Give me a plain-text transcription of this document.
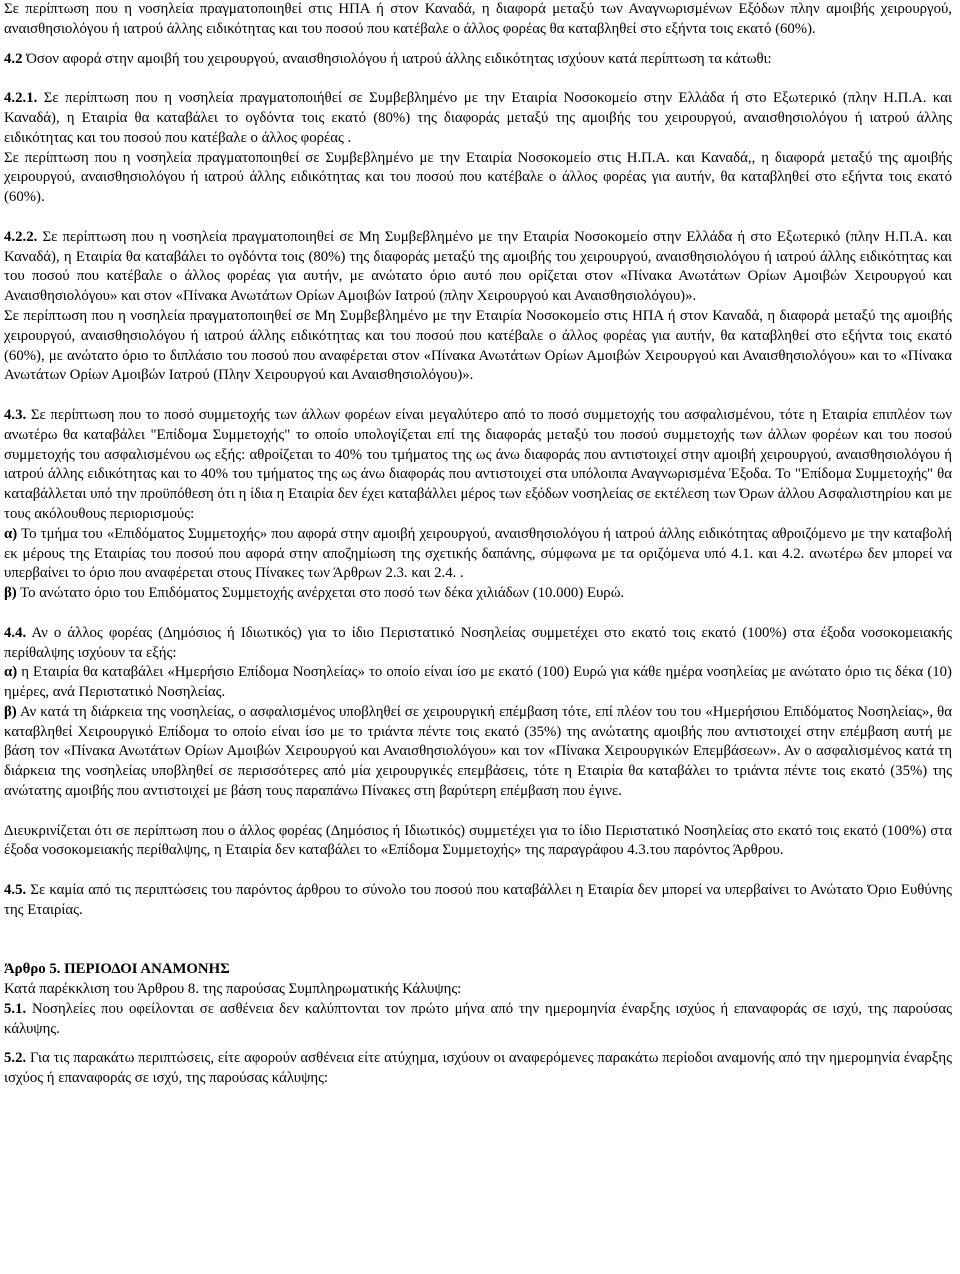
Σε περίπτωση που η νοσηλεία πραγματοποιηθεί στις ΗΠΑ ή στον Καναδά, η διαφορά μεταξύ των Αναγνωρισμένων Εξόδων πλην αμοιβής χειρουργού, αναισθησιολόγου ή ιατρού άλλης ειδικότητας και του ποσού που κατέβαλε ο άλλος φορέας θα καταβληθεί στο εξήντα τοις εκατό (60%).

4.2 Όσον αφορά στην αμοιβή του χειρουργού, αναισθησιολόγου ή ιατρού άλλης ειδικότητας ισχύουν κατά περίπτωση τα κάτωθι:

4.2.1. Σε περίπτωση που η νοσηλεία πραγματοποιήθεί σε Συμβεβλημένο με την Εταιρία Νοσοκομείο στην Ελλάδα ή στο Εξωτερικό (πλην Η.Π.Α. και Καναδά), η Εταιρία θα καταβάλει το ογδόντα τοις εκατό (80%) της διαφοράς μεταξύ της αμοιβής του χειρουργού, αναισθησιολόγου ή ιατρού άλλης ειδικότητας και του ποσού που κατέβαλε ο άλλος φορέας .

Σε περίπτωση που η νοσηλεία πραγματοποιηθεί σε Συμβεβλημένο με την Εταιρία Νοσοκομείο στις Η.Π.Α. και Καναδά,, η διαφορά μεταξύ της αμοιβής χειρουργού, αναισθησιολόγου ή ιατρού άλλης ειδικότητας και του ποσού που κατέβαλε ο άλλος φορέας για αυτήν, θα καταβληθεί στο εξήντα τοις εκατό (60%).

4.2.2. Σε περίπτωση που η νοσηλεία πραγματοποιηθεί σε Μη Συμβεβλημένο με την Εταιρία Νοσοκομείο στην Ελλάδα ή στο Εξωτερικό (πλην Η.Π.Α. και Καναδά), η Εταιρία θα καταβάλει το ογδόντα τοις (80%) της διαφοράς μεταξύ της αμοιβής του χειρουργού, αναισθησιολόγου ή ιατρού άλλης ειδικότητας και του ποσού που κατέβαλε ο άλλος φορέας για αυτήν, με ανώτατο όριο αυτό που ορίζεται στον «Πίνακα Ανωτάτων Ορίων Αμοιβών Χειρουργού και Αναισθησιολόγου» και στον «Πίνακα Ανωτάτων Ορίων Αμοιβών Ιατρού (πλην Χειρουργού και Αναισθησιολόγου)».

Σε περίπτωση που η νοσηλεία πραγματοποιηθεί σε Μη Συμβεβλημένο με την Εταιρία Νοσοκομείο στις ΗΠΑ ή στον Καναδά, η διαφορά μεταξύ της αμοιβής χειρουργού, αναισθησιολόγου ή ιατρού άλλης ειδικότητας και του ποσού που κατέβαλε ο άλλος φορέας για αυτήν, θα καταβληθεί στο εξήντα τοις εκατό (60%), με ανώτατο όριο το διπλάσιο του ποσού που αναφέρεται στον «Πίνακα Ανωτάτων Ορίων Αμοιβών Χειρουργού και Αναισθησιολόγου» και το «Πίνακα Ανωτάτων Ορίων Αμοιβών Ιατρού (Πλην Χειρουργού και Αναισθησιολόγου)».

4.3. Σε περίπτωση που το ποσό συμμετοχής των άλλων φορέων είναι μεγαλύτερο από το ποσό συμμετοχής του ασφαλισμένου, τότε η Εταιρία επιπλέον των ανωτέρω θα καταβάλει "Επίδομα Συμμετοχής" το οποίο υπολογίζεται επί της διαφοράς μεταξύ του ποσού συμμετοχής των άλλων φορέων και του ποσού συμμετοχής του ασφαλισμένου ως εξής: αθροίζεται το 40% του τμήματος της ως άνω διαφοράς που αντιστοιχεί στην αμοιβή χειρουργού, αναισθησιολόγου ή ιατρού άλλης ειδικότητας και το 40% του τμήματος της ως άνω διαφοράς που αντιστοιχεί στα υπόλοιπα Αναγνωρισμένα Έξοδα. Το "Επίδομα Συμμετοχής" θα καταβάλλεται υπό την προϋπόθεση ότι η ίδια η Εταιρία δεν έχει καταβάλλει μέρος των εξόδων νοσηλείας σε εκτέλεση των Όρων άλλου Ασφαλιστηρίου και με τους ακόλουθους περιορισμούς:

α) Το τμήμα του «Επιδόματος Συμμετοχής» που αφορά στην αμοιβή χειρουργού, αναισθησιολόγου ή ιατρού άλλης ειδικότητας αθροιζόμενο με την καταβολή εκ μέρους της Εταιρίας του ποσού που αφορά στην αποζημίωση της σχετικής δαπάνης, σύμφωνα με τα οριζόμενα υπό 4.1. και 4.2. ανωτέρω δεν μπορεί να υπερβαίνει το όριο που αναφέρεται στους Πίνακες των Άρθρων 2.3. και 2.4. .

β) Το ανώτατο όριο του Επιδόματος Συμμετοχής ανέρχεται στο ποσό των δέκα χιλιάδων (10.000) Ευρώ.

4.4. Αν ο άλλος φορέας (Δημόσιος ή Ιδιωτικός) για το ίδιο Περιστατικό Νοσηλείας συμμετέχει στο εκατό τοις εκατό (100%) στα έξοδα νοσοκομειακής περίθαλψης ισχύουν τα εξής:

α) η Εταιρία θα καταβάλει «Ημερήσιο Επίδομα Νοσηλείας» το οποίο είναι ίσο με εκατό (100) Ευρώ για κάθε ημέρα νοσηλείας με ανώτατο όριο τις δέκα (10) ημέρες, ανά Περιστατικό Νοσηλείας.

β) Αν κατά τη διάρκεια της νοσηλείας, ο ασφαλισμένος υποβληθεί σε χειρουργική επέμβαση τότε, επί πλέον του του «Ημερήσιου Επιδόματος Νοσηλείας», θα καταβληθεί Χειρουργικό Επίδομα το οποίο είναι ίσο με το τριάντα πέντε τοις εκατό (35%) της ανώτατης αμοιβής που αντιστοιχεί στην επέμβαση αυτή με βάση τον «Πίνακα Ανωτάτων Ορίων Αμοιβών Χειρουργού και Αναισθησιολόγου» και τον «Πίνακα Χειρουργικών Επεμβάσεων». Αν ο ασφαλισμένος κατά τη διάρκεια της νοσηλείας υποβληθεί σε περισσότερες από μία χειρουργικές επεμβάσεις, τότε η Εταιρία θα καταβάλει το τριάντα πέντε τοις εκατό (35%) της ανώτατης αμοιβής που αντιστοιχεί με βάση τους παραπάνω Πίνακες στη βαρύτερη επέμβαση που έγινε.

Διευκρινίζεται ότι σε περίπτωση που ο άλλος φορέας (Δημόσιος ή Ιδιωτικός) συμμετέχει για το ίδιο Περιστατικό Νοσηλείας στο εκατό τοις εκατό (100%) στα έξοδα νοσοκομειακής περίθαλψης, η Εταιρία δεν καταβάλει το «Επίδομα Συμμετοχής» της παραγράφου 4.3.του παρόντος Άρθρου.

4.5. Σε καμία από τις περιπτώσεις του παρόντος άρθρου το σύνολο του ποσού που καταβάλλει η Εταιρία δεν μπορεί να υπερβαίνει το Ανώτατο Όριο Ευθύνης της Εταιρίας.

Άρθρο 5. ΠΕΡΙΟΔΟΙ ΑΝΑΜΟΝΗΣ

Κατά παρέκκλιση του Άρθρου 8. της παρούσας Συμπληρωματικής Κάλυψης:

5.1. Νοσηλείες που οφείλονται σε ασθένεια δεν καλύπτονται τον πρώτο μήνα από την ημερομηνία έναρξης ισχύος ή επαναφοράς σε ισχύ, της παρούσας κάλυψης.

5.2. Για τις παρακάτω περιπτώσεις, είτε αφορούν ασθένεια είτε ατύχημα, ισχύουν οι αναφερόμενες παρακάτω περίοδοι αναμονής από την ημερομηνία έναρξης ισχύος ή επαναφοράς σε ισχύ, της παρούσας κάλυψης:
